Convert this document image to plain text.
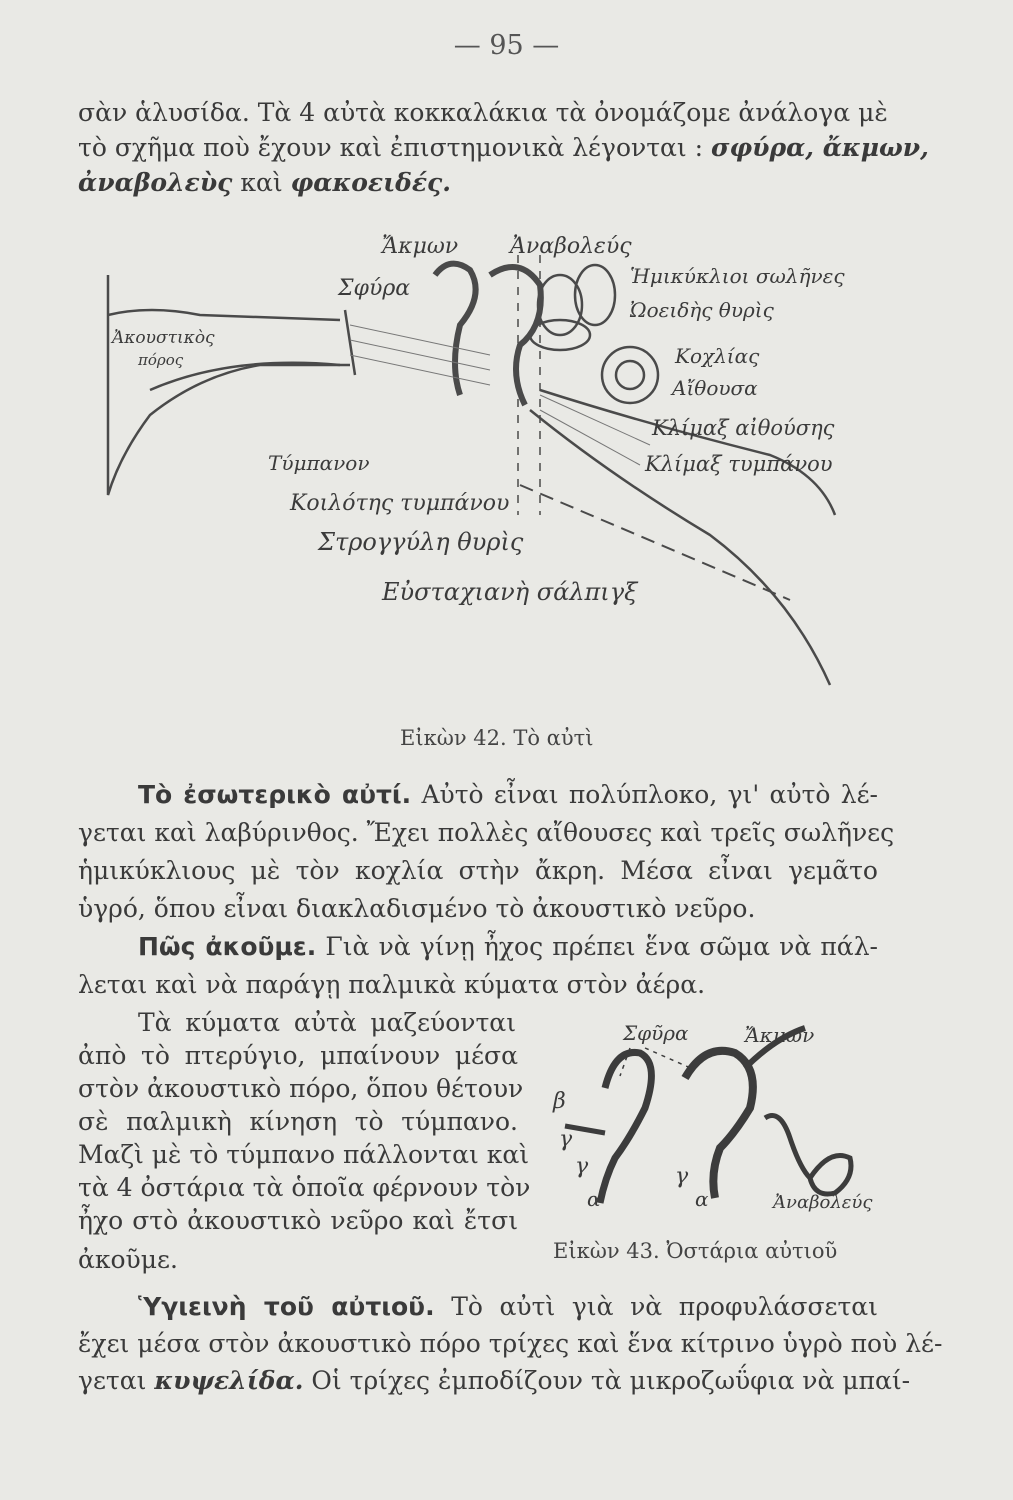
— 95 —
σὰν ἁλυσίδα. Τὰ 4 αὐτὰ κοκκαλάκια τὰ ὀνομάζομε ἀνάλογα μὲ
τὸ σχῆμα ποὺ ἔχουν καὶ ἐπιστημονικὰ λέγονται : σφύρα, ἄκμων,
ἀναβολεὺς καὶ φακοειδές.
Ἄκμων Ἀναβολεύς
Σφύρα
Ἀκουστικὸς
πόρος
Ἡμικύκλιοι σωλῆνες
Ὠοειδὴς θυρὶς
Κοχλίας
Αἴθουσα
Κλίμαξ αἰθούσης
Κλίμαξ τυμπάνου
Τύμπανον
Κοιλότης τυμπάνου
Στρογγύλη θυρὶς
Εὐσταχιανὴ σάλπιγξ
Εἰκὼν 42. Τὸ αὐτὶ
Τὸ ἐσωτερικὸ αὐτί. Αὐτὸ εἶναι πολύπλοκο, γι' αὐτὸ λέ-
γεται καὶ λαβύρινθος. Ἔχει πολλὲς αἴθουσες καὶ τρεῖς σωλῆνες
ἡμικύκλιους μὲ τὸν κοχλία στὴν ἄκρη. Μέσα εἶναι γεμᾶτο
ὑγρό, ὅπου εἶναι διακλαδισμένο τὸ ἀκουστικὸ νεῦρο.
Πῶς ἀκοῦμε. Γιὰ νὰ γίνῃ ἦχος πρέπει ἕνα σῶμα νὰ πάλ-
λεται καὶ νὰ παράγῃ παλμικὰ κύματα στὸν ἀέρα.
Τὰ κύματα αὐτὰ μαζεύονται
ἀπὸ τὸ πτερύγιο, μπαίνουν μέσα
στὸν ἀκουστικὸ πόρο, ὅπου θέτουν
σὲ παλμικὴ κίνηση τὸ τύμπανο.
Μαζὶ μὲ τὸ τύμπανο πάλλονται καὶ
τὰ 4 ὀστάρια τὰ ὁποῖα φέρνουν τὸν
ἦχο στὸ ἀκουστικὸ νεῦρο καὶ ἔτσι
ἀκοῦμε.
Σφῦρα	Ἄκμων
β
γ
γ	γ
α	α	Ἀναβολεύς
Εἰκὼν 43. Ὀστάρια αὐτιοῦ
Ὑγιεινὴ τοῦ αὐτιοῦ. Τὸ αὐτὶ γιὰ νὰ προφυλάσσεται
ἔχει μέσα στὸν ἀκουστικὸ πόρο τρίχες καὶ ἕνα κίτρινο ὑγρὸ ποὺ λέ-
γεται κυψελίδα. Οἱ τρίχες ἐμποδίζουν τὰ μικροζωΰφια νὰ μπαί-
